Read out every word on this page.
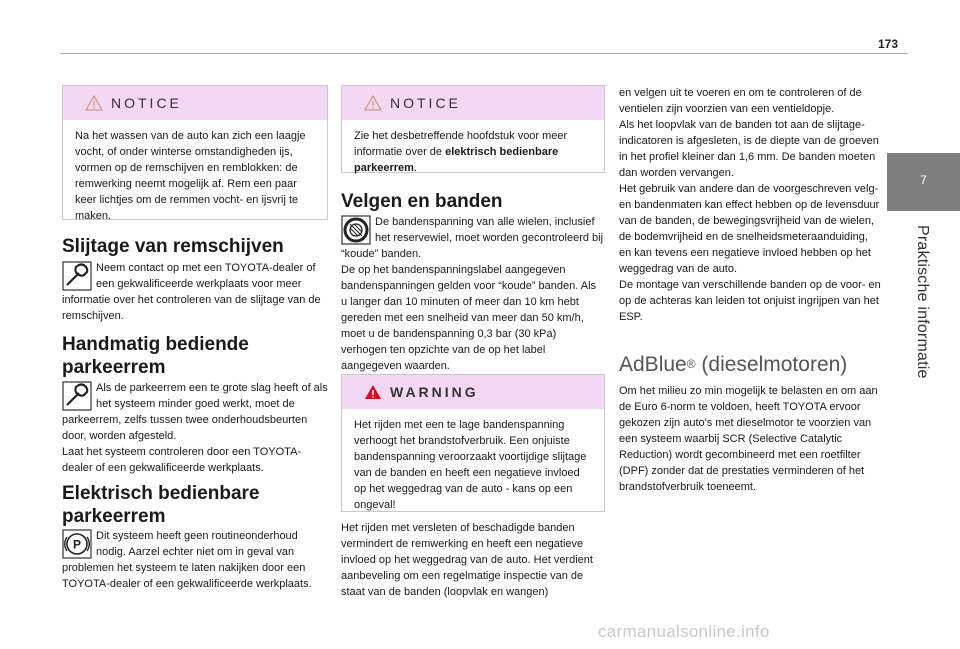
173
7
Praktische informatie
NOTICE
Na het wassen van de auto kan zich een laagje vocht, of onder winterse omstandigheden ijs, vormen op de remschijven en remblokken: de remwerking neemt mogelijk af. Rem een paar keer lichtjes om de remmen vocht- en ijsvrij te maken.
Slijtage van remschijven
Neem contact op met een TOYOTA-dealer of een gekwalificeerde werkplaats voor meer informatie over het controleren van de slijtage van de remschijven.
Handmatig bediende parkeerrem
Als de parkeerrem een te grote slag heeft of als het systeem minder goed werkt, moet de parkeerrem, zelfs tussen twee onderhoudsbeurten door, worden afgesteld.
Laat het systeem controleren door een TOYOTA-dealer of een gekwalificeerde werkplaats.
Elektrisch bedienbare parkeerrem
P
Dit systeem heeft geen routineonderhoud nodig. Aarzel echter niet om in geval van problemen het systeem te laten nakijken door een TOYOTA-dealer of een gekwalificeerde werkplaats.
NOTICE
Zie het desbetreffende hoofdstuk voor meer informatie over de elektrisch bedienbare parkeerrem.
Velgen en banden
De bandenspanning van alle wielen, inclusief het reservewiel, moet worden gecontroleerd bij “koude” banden.
De op het bandenspanningslabel aangegeven bandenspanningen gelden voor “koude” banden. Als u langer dan 10 minuten of meer dan 10 km hebt gereden met een snelheid van meer dan 50 km/h, moet u de bandenspanning 0,3 bar (30 kPa) verhogen ten opzichte van de op het label aangegeven waarden.
WARNING
Het rijden met een te lage bandenspanning verhoogt het brandstofverbruik. Een onjuiste bandenspanning veroorzaakt voortijdige slijtage van de banden en heeft een negatieve invloed op het weggedrag van de auto - kans op een ongeval!
Het rijden met versleten of beschadigde banden vermindert de remwerking en heeft een negatieve invloed op het weggedrag van de auto. Het verdient aanbeveling om een regelmatige inspectie van de staat van de banden (loopvlak en wangen)
en velgen uit te voeren en om te controleren of de ventielen zijn voorzien van een ventieldopje.
Als het loopvlak van de banden tot aan de slijtage-indicatoren is afgesleten, is de diepte van de groeven in het profiel kleiner dan 1,6 mm. De banden moeten dan worden vervangen.
Het gebruik van andere dan de voorgeschreven velg- en bandenmaten kan effect hebben op de levensduur van de banden, de bewegingsvrijheid van de wielen, de bodemvrijheid en de snelheidsmeteraanduiding, en kan tevens een negatieve invloed hebben op het weggedrag van de auto.
De montage van verschillende banden op de voor- en op de achteras kan leiden tot onjuist ingrijpen van het ESP.
AdBlue® (dieselmotoren)
Om het milieu zo min mogelijk te belasten en om aan de Euro 6-norm te voldoen, heeft TOYOTA ervoor gekozen zijn auto's met dieselmotor te voorzien van een systeem waarbij SCR (Selective Catalytic Reduction) wordt gecombineerd met een roetfilter (DPF) zonder dat de prestaties verminderen of het brandstofverbruik toeneemt.
carmanualsonline.info
